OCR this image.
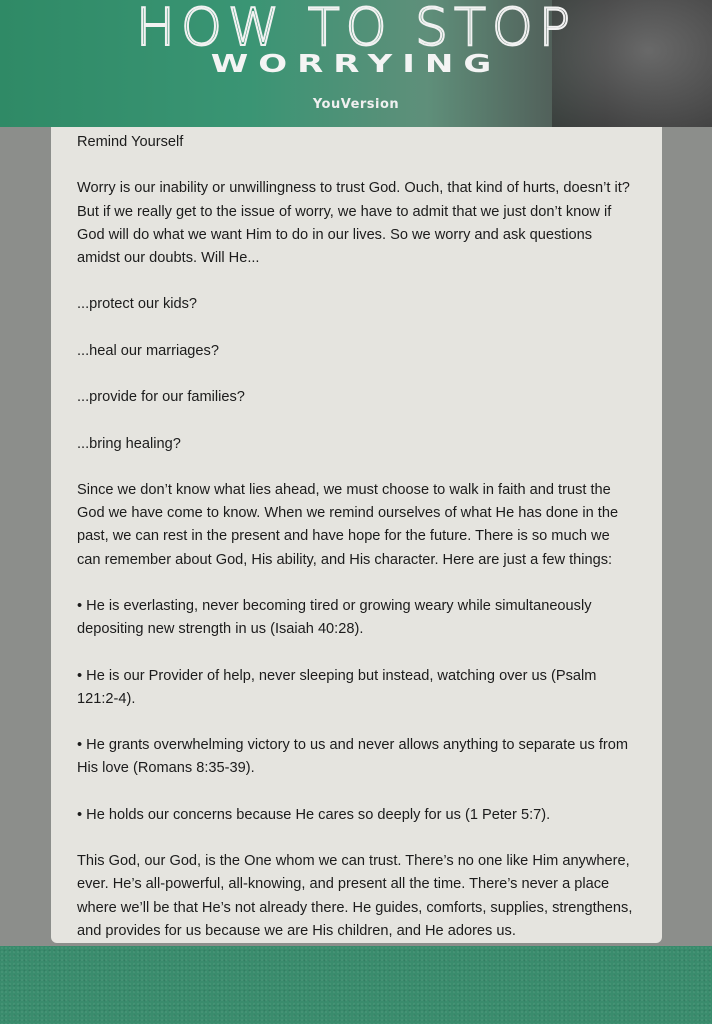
HOW TO STOP
WORRYING
YouVersion

Remind Yourself

Worry is our inability or unwillingness to trust God. Ouch, that kind of hurts, doesn’t it? But if we really get to the issue of worry, we have to admit that we just don’t know if God will do what we want Him to do in our lives. So we worry and ask questions amidst our doubts. Will He...

...protect our kids?

...heal our marriages?

...provide for our families?

...bring healing?

Since we don’t know what lies ahead, we must choose to walk in faith and trust the God we have come to know. When we remind ourselves of what He has done in the past, we can rest in the present and have hope for the future. There is so much we can remember about God, His ability, and His character. Here are just a few things:

• He is everlasting, never becoming tired or growing weary while simultaneously depositing new strength in us (Isaiah 40:28).

• He is our Provider of help, never sleeping but instead, watching over us (Psalm 121:2-4).

• He grants overwhelming victory to us and never allows anything to separate us from His love (Romans 8:35-39).

• He holds our concerns because He cares so deeply for us (1 Peter 5:7).

This God, our God, is the One whom we can trust. There’s no one like Him anywhere, ever. He’s all-powerful, all-knowing, and present all the time. There’s never a place where we’ll be that He’s not already there. He guides, comforts, supplies, strengthens, and provides for us because we are His children, and He adores us.
